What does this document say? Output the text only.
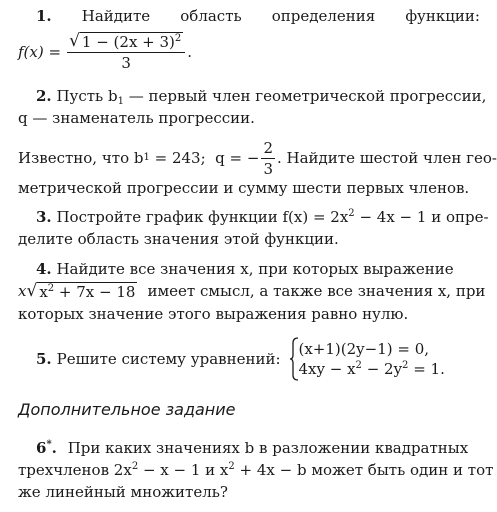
1. Найдите область определения функции:
$f(x) = \frac{√ 1 - (2x + 3)^2}{3}$ .
2. Пусть $b_1$ — первый член геометрической прогрессии,
q — знаменатель прогрессии.
Известно, что b 1 = 243;  q = − $\frac{2}{3}$ . Найдите шестой член гео-
метрической прогрессии и сумму шести первых членов.
3. Постройте график функции $f(x) = 2x^2 - 4x - 1$ и опре-
делите область значения этой функции.
4. Найдите все значения x, при которых выражение
x √ $x^2 + 7x - 18$ имеет смысл, а также все значения x, при
которых значение этого выражения равно нулю.
5. Решите систему уравнений:
(x+1)(2y−1) = 0,
$4xy - x^2 - 2y^2 = 1$.
Дополнительное задание
6*. При каких значениях b в разложении квадратных
трехчленов $2x^2 - x - 1$ и $x^2 + 4x - b$ может быть один и тот
же линейный множитель?
